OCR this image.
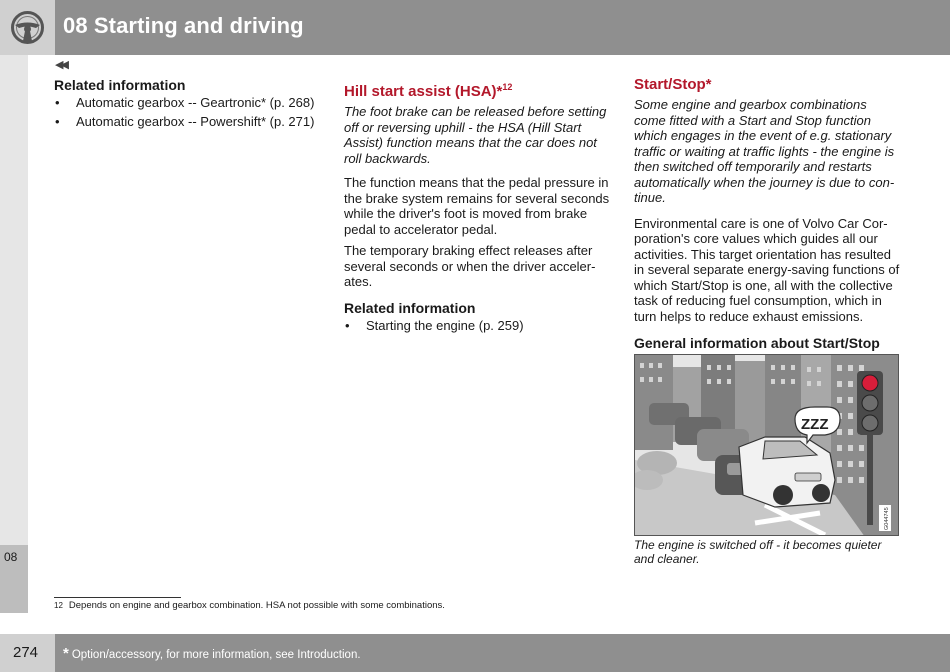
08 Starting and driving
◀◀
08
Related information
• Automatic gearbox -- Geartronic* (p. 268)
• Automatic gearbox -- Powershift* (p. 271)
Hill start assist (HSA)*$^{12}$

The foot brake can be released before setting off or reversing uphill - the HSA (Hill Start Assist) function means that the car does not roll backwards.

The function means that the pedal pressure in the brake system remains for several seconds while the driver's foot is moved from brake pedal to accelerator pedal.

The temporary braking effect releases after several seconds or when the driver acceler-ates.

Related information
• Starting the engine (p. 259)
Start/Stop*

Some engine and gearbox combinations come fitted with a Start and Stop function which engages in the event of e.g. stationary traffic or waiting at traffic lights - the engine is then switched off temporarily and restarts automatically when the journey is due to con-tinue.

Environmental care is one of Volvo Car Cor-poration's core values which guides all our activities. This target orientation has resulted in several separate energy-saving functions of which Start/Stop is one, all with the collective task of reducing fuel consumption, which in turn helps to reduce exhaust emissions.

General information about Start/Stop
ZZZ
G044745

The engine is switched off - it becomes quieter and cleaner.

12 Depends on engine and gearbox combination. HSA not possible with some combinations.
274 * Option/accessory, for more information, see Introduction.
